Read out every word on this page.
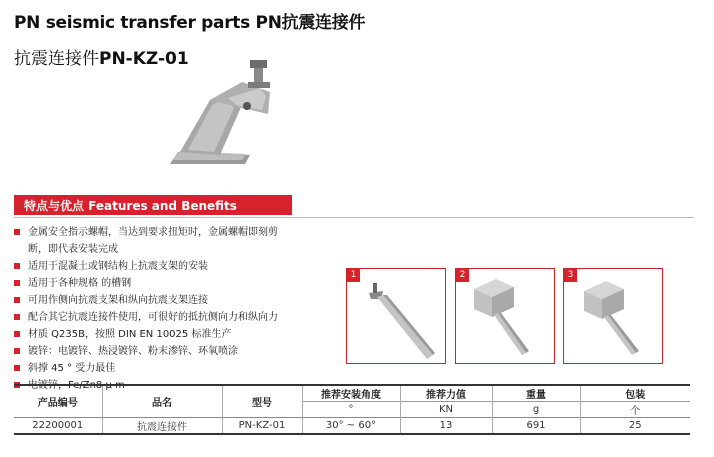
PN seismic transfer parts PN抗震连接件
抗震连接件PN-KZ-01
特点与优点 Features and Benefits
金属安全指示螺帽，当达到要求扭矩时，金属螺帽即刻剪
断，即代表安装完成
适用于混凝土或钢结构上抗震支架的安装
适用于各种规格 的槽钢
可用作侧向抗震支架和纵向抗震支架连接
配合其它抗震连接件使用，可很好的抵抗侧向力和纵向力
材质 Q235B，按照 DIN EN 10025 标准生产
镀锌：电镀锌、热浸镀锌、粉末渗锌、环氧喷涂
斜撑 45 ° 受力最佳
电镀锌，Fe/Zn8 μ m
1	2	3
产品编号	品名	型号	推荐安装角度	推荐力值	重量	包装
			°	KN	g	个
22200001	抗震连接件	PN-KZ-01	30° ~ 60°	13	691	25
